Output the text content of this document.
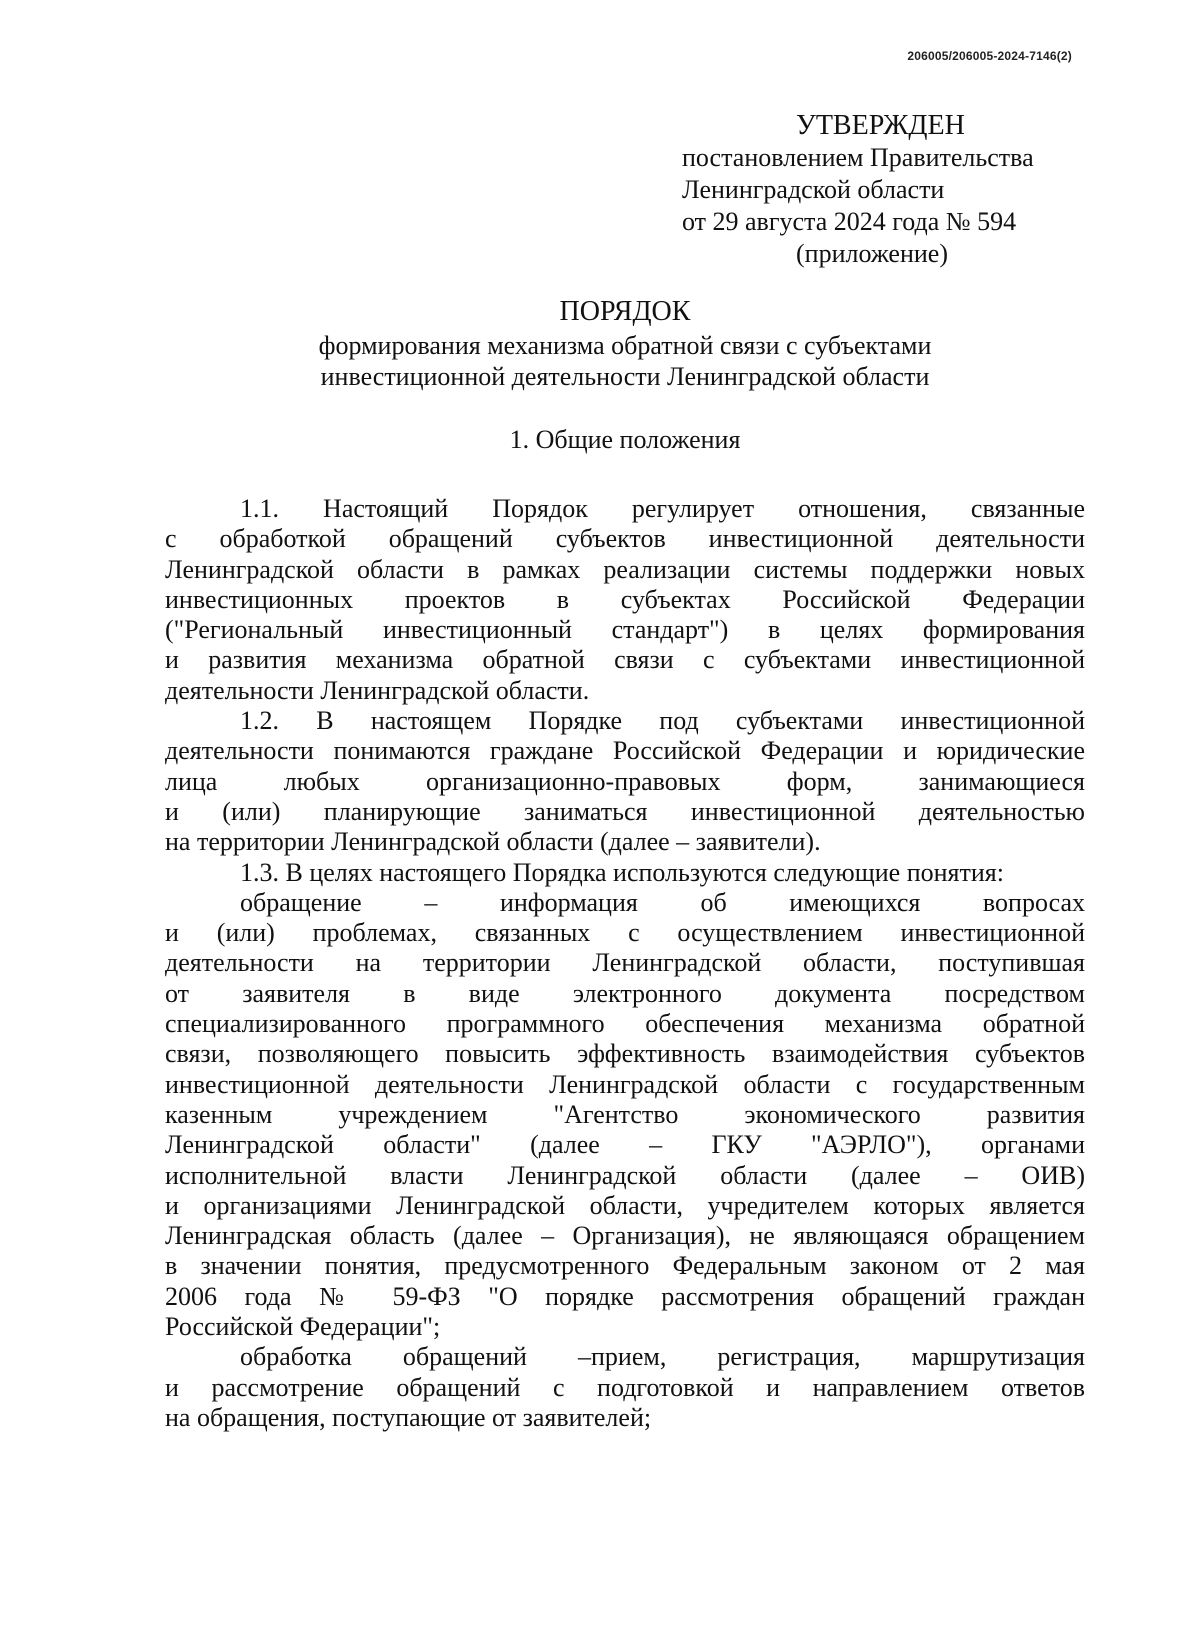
206005/206005-2024-7146(2)
УТВЕРЖДЕН
постановлением Правительства
Ленинградской области
от 29 августа 2024 года № 594
(приложение)
ПОРЯДОК
формирования механизма обратной связи с субъектами
инвестиционной деятельности Ленинградской области
1. Общие положения
1.1. Настоящий Порядок регулирует отношения, связанные
с обработкой обращений субъектов инвестиционной деятельности
Ленинградской области в рамках реализации системы поддержки новых
инвестиционных проектов в субъектах Российской Федерации
("Региональный инвестиционный стандарт") в целях формирования
и развития механизма обратной связи с субъектами инвестиционной
деятельности Ленинградской области.
1.2. В настоящем Порядке под субъектами инвестиционной
деятельности понимаются граждане Российской Федерации и юридические
лица любых организационно-правовых форм, занимающиеся
и (или) планирующие заниматься инвестиционной деятельностью
на территории Ленинградской области (далее – заявители).
1.3. В целях настоящего Порядка используются следующие понятия:
обращение – информация об имеющихся вопросах
и (или) проблемах, связанных с осуществлением инвестиционной
деятельности на территории Ленинградской области, поступившая
от заявителя в виде электронного документа посредством
специализированного программного обеспечения механизма обратной
связи, позволяющего повысить эффективность взаимодействия субъектов
инвестиционной деятельности Ленинградской области с государственным
казенным учреждением "Агентство экономического развития
Ленинградской области" (далее – ГКУ "АЭРЛО"), органами
исполнительной власти Ленинградской области (далее – ОИВ)
и организациями Ленинградской области, учредителем которых является
Ленинградская область (далее – Организация), не являющаяся обращением
в значении понятия, предусмотренного Федеральным законом от 2 мая
2006 года № 59-ФЗ "О порядке рассмотрения обращений граждан
Российской Федерации";
обработка обращений –прием, регистрация, маршрутизация
и рассмотрение обращений с подготовкой и направлением ответов
на обращения, поступающие от заявителей;
